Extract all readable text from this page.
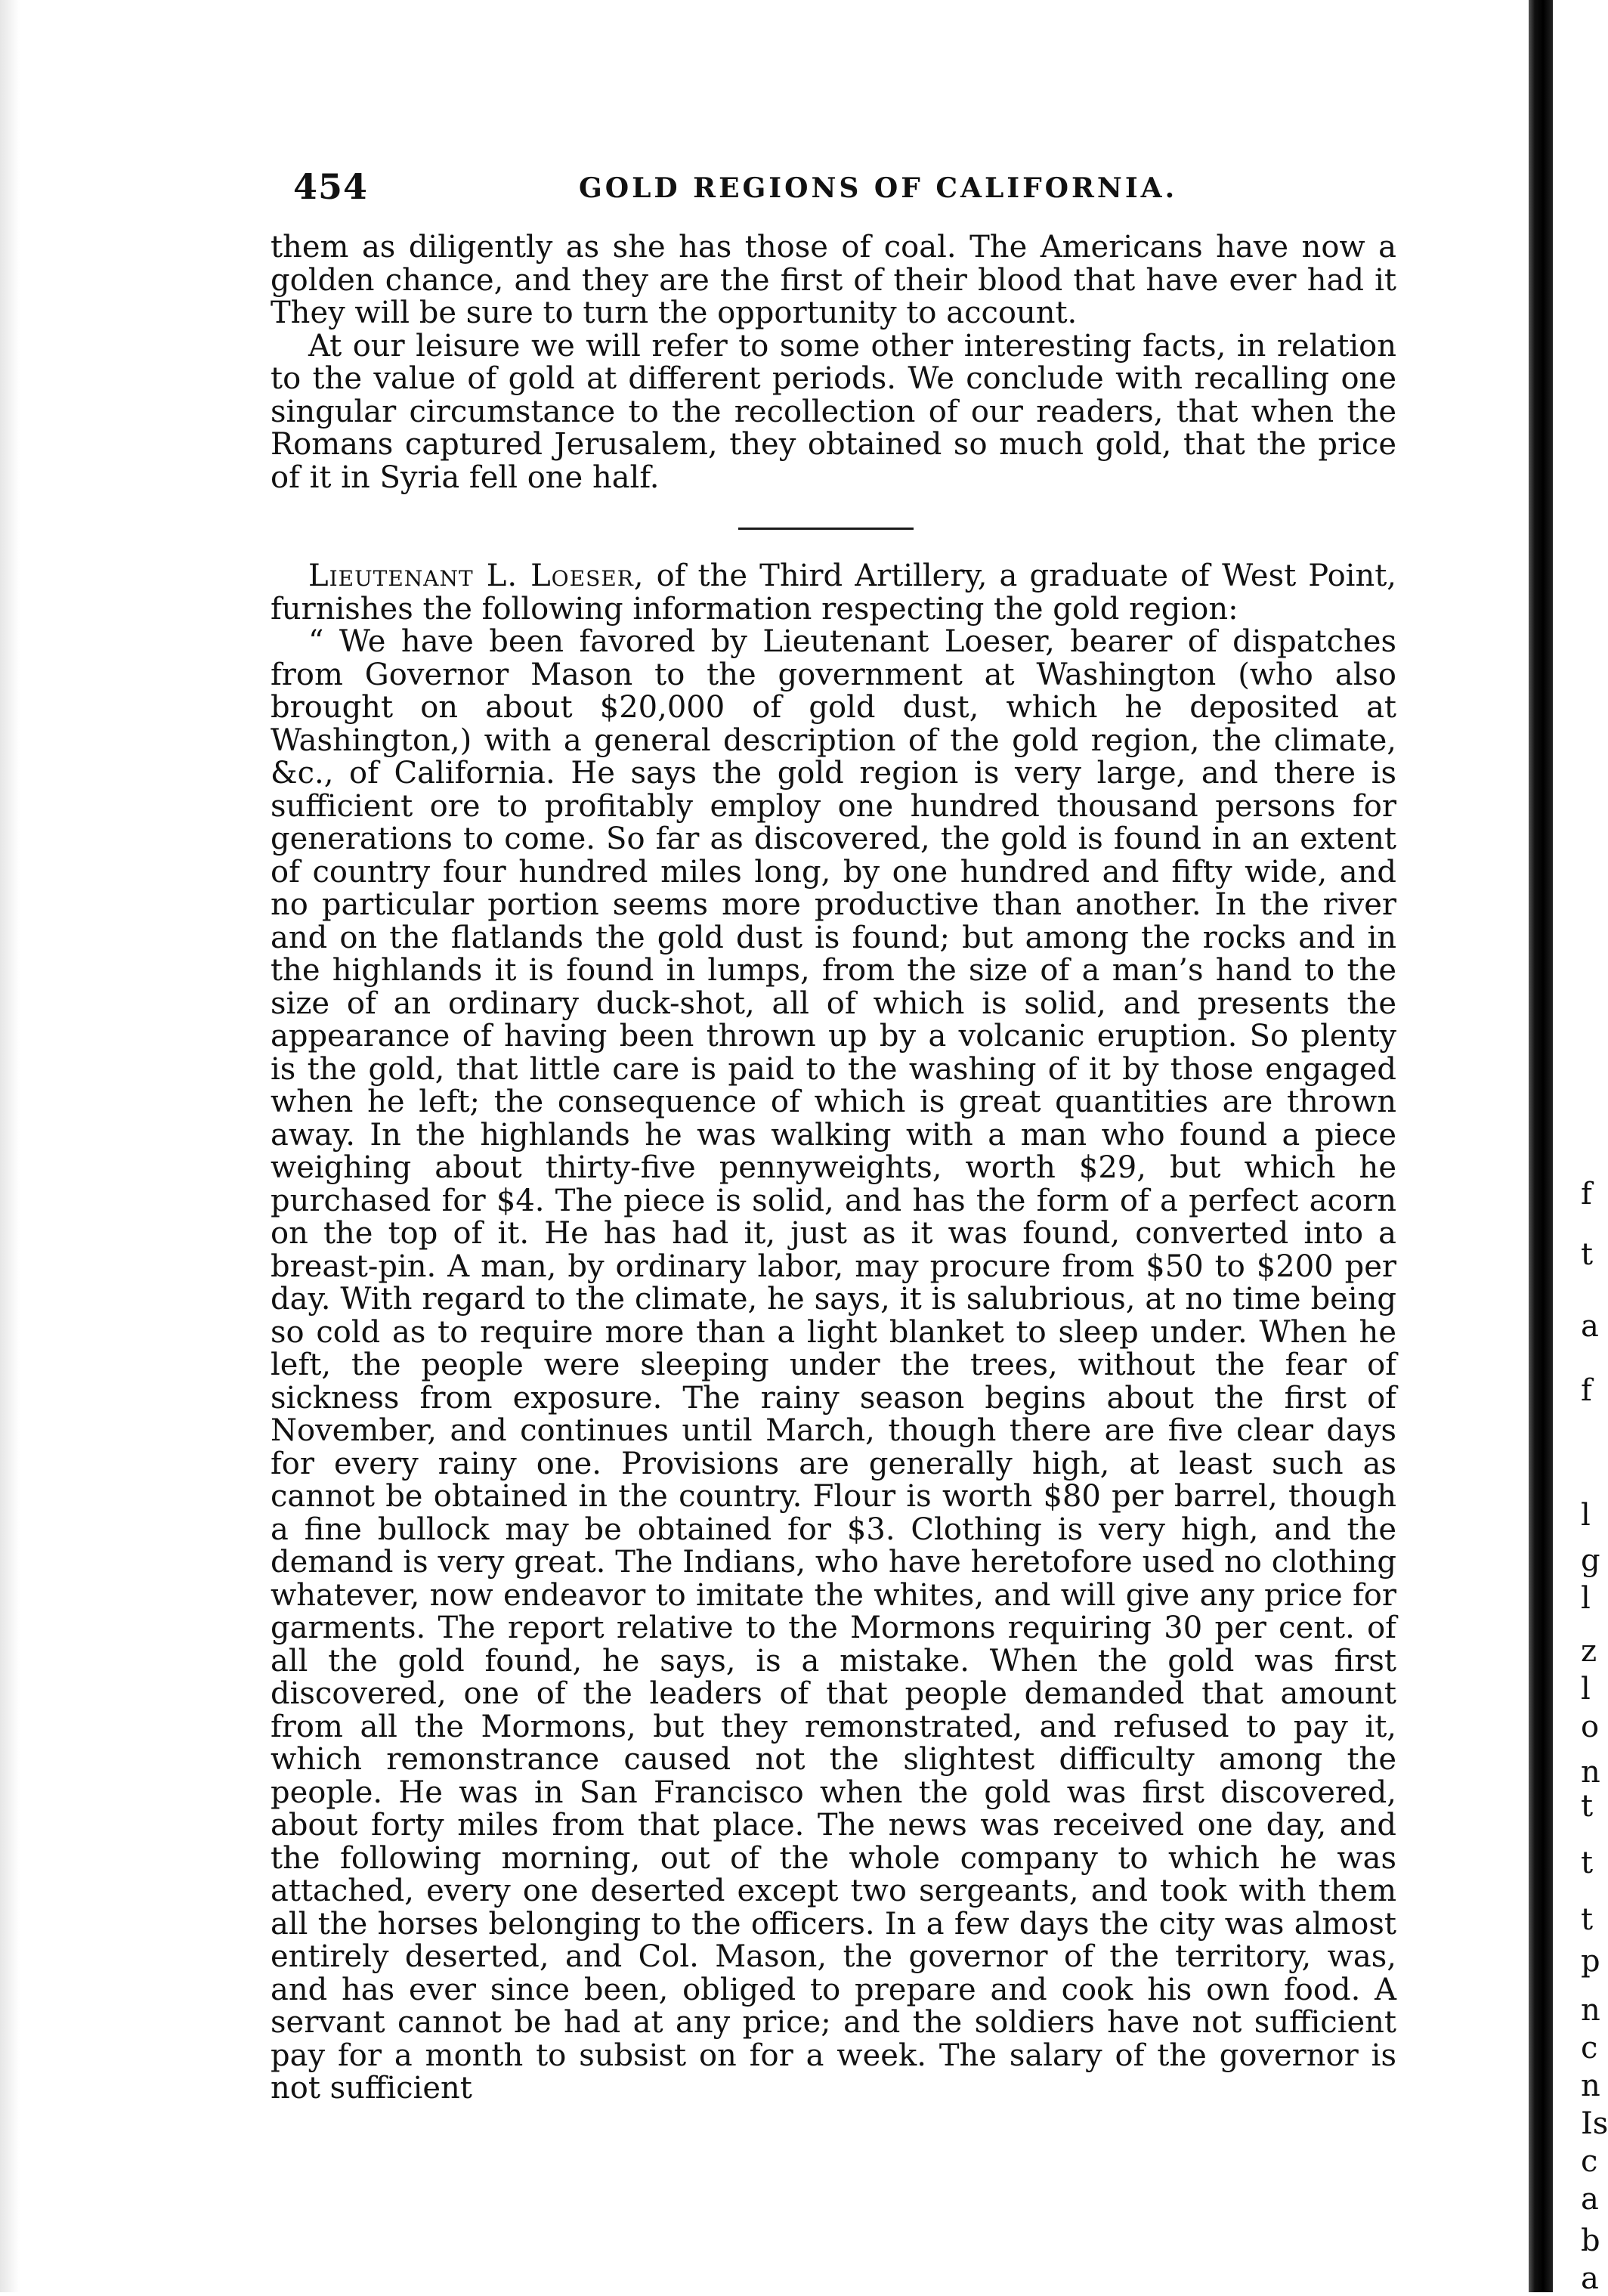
454	GOLD REGIONS OF CALIFORNIA.

them as diligently as she has those of coal. The Americans have now a golden chance, and they are the first of their blood that have ever had it They will be sure to turn the opportunity to account.

At our leisure we will refer to some other interesting facts, in relation to the value of gold at different periods. We conclude with recalling one singular circumstance to the recollection of our readers, that when the Romans captured Jerusalem, they obtained so much gold, that the price of it in Syria fell one half.

Lieutenant L. Loeser, of the Third Artillery, a graduate of West Point, furnishes the following information respecting the gold region:

“ We have been favored by Lieutenant Loeser, bearer of dispatches from Governor Mason to the government at Washington (who also brought on about $20,000 of gold dust, which he deposited at Washington,) with a general description of the gold region, the climate, &c., of California. He says the gold region is very large, and there is sufficient ore to profitably employ one hundred thousand persons for generations to come. So far as discovered, the gold is found in an extent of country four hundred miles long, by one hundred and fifty wide, and no particular portion seems more productive than another. In the river and on the flatlands the gold dust is found; but among the rocks and in the highlands it is found in lumps, from the size of a man’s hand to the size of an ordinary duck-shot, all of which is solid, and presents the appearance of having been thrown up by a volcanic eruption. So plenty is the gold, that little care is paid to the washing of it by those engaged when he left; the consequence of which is great quantities are thrown away. In the highlands he was walking with a man who found a piece weighing about thirty-five pennyweights, worth $29, but which he purchased for $4. The piece is solid, and has the form of a perfect acorn on the top of it. He has had it, just as it was found, converted into a breast-pin. A man, by ordinary labor, may procure from $50 to $200 per day. With regard to the climate, he says, it is salubrious, at no time being so cold as to require more than a light blanket to sleep under. When he left, the people were sleeping under the trees, without the fear of sickness from exposure. The rainy season begins about the first of November, and continues until March, though there are five clear days for every rainy one. Provisions are generally high, at least such as cannot be obtained in the country. Flour is worth $80 per barrel, though a fine bullock may be obtained for $3. Clothing is very high, and the demand is very great. The Indians, who have heretofore used no clothing whatever, now endeavor to imitate the whites, and will give any price for garments. The report relative to the Mormons requiring 30 per cent. of all the gold found, he says, is a mistake. When the gold was first discovered, one of the leaders of that people demanded that amount from all the Mormons, but they remonstrated, and refused to pay it, which remonstrance caused not the slightest difficulty among the people. He was in San Francisco when the gold was first discovered, about forty miles from that place. The news was received one day, and the following morning, out of the whole company to which he was attached, every one deserted except two sergeants, and took with them all the horses belonging to the officers. In a few days the city was almost entirely deserted, and Col. Mason, the governor of the territory, was, and has ever since been, obliged to prepare and cook his own food. A servant cannot be had at any price; and the soldiers have not sufficient pay for a month to subsist on for a week. The salary of the governor is not sufficient

f
t
a
f
l
g
l
z
l
o
n
t
t
t
p
n
c
n
Is
c
a
b
a
